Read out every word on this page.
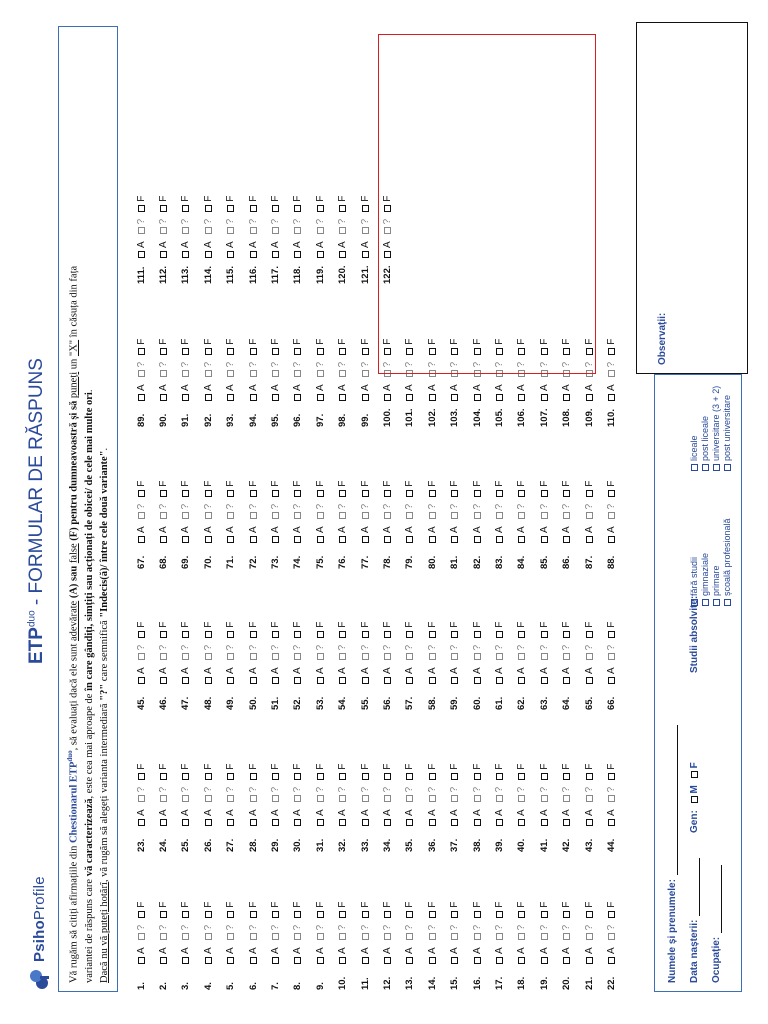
PsihoProfile
$ETP^{duo}$ - FORMULAR DE RĂSPUNS
Vă rugăm să citiți afirmațiile din Chestionarul $ETP^{duo}$, să evaluați dacă ele sunt adevărate (A) sau false (F) pentru dumneavoastră și să puneți un "X" în căsuța din fața
variantei de răspuns care vă caracterizează, este cea mai aproape de în care gândiți, simțiți sau acționați de obicei/ de cele mai multe ori.
Dacă nu vă puteți hotărî, vă rugăm să alegeți varianta intermediară "?" care semnifică "Indecis(ă)/ între cele două variante".
1.
A
?
F
2.
A
?
F
3.
A
?
F
4.
A
?
F
5.
A
?
F
6.
A
?
F
7.
A
?
F
8.
A
?
F
9.
A
?
F
10.
A
?
F
11.
A
?
F
12.
A
?
F
13.
A
?
F
14.
A
?
F
15.
A
?
F
16.
A
?
F
17.
A
?
F
18.
A
?
F
19.
A
?
F
20.
A
?
F
21.
A
?
F
22.
A
?
F
23.
A
?
F
24.
A
?
F
25.
A
?
F
26.
A
?
F
27.
A
?
F
28.
A
?
F
29.
A
?
F
30.
A
?
F
31.
A
?
F
32.
A
?
F
33.
A
?
F
34.
A
?
F
35.
A
?
F
36.
A
?
F
37.
A
?
F
38.
A
?
F
39.
A
?
F
40.
A
?
F
41.
A
?
F
42.
A
?
F
43.
A
?
F
44.
A
?
F
45.
A
?
F
46.
A
?
F
47.
A
?
F
48.
A
?
F
49.
A
?
F
50.
A
?
F
51.
A
?
F
52.
A
?
F
53.
A
?
F
54.
A
?
F
55.
A
?
F
56.
A
?
F
57.
A
?
F
58.
A
?
F
59.
A
?
F
60.
A
?
F
61.
A
?
F
62.
A
?
F
63.
A
?
F
64.
A
?
F
65.
A
?
F
66.
A
?
F
67.
A
?
F
68.
A
?
F
69.
A
?
F
70.
A
?
F
71.
A
?
F
72.
A
?
F
73.
A
?
F
74.
A
?
F
75.
A
?
F
76.
A
?
F
77.
A
?
F
78.
A
?
F
79.
A
?
F
80.
A
?
F
81.
A
?
F
82.
A
?
F
83.
A
?
F
84.
A
?
F
85.
A
?
F
86.
A
?
F
87.
A
?
F
88.
A
?
F
89.
A
?
F
90.
A
?
F
91.
A
?
F
92.
A
?
F
93.
A
?
F
94.
A
?
F
95.
A
?
F
96.
A
?
F
97.
A
?
F
98.
A
?
F
99.
A
?
F
100.
A
?
F
101.
A
?
F
102.
A
?
F
103.
A
?
F
104.
A
?
F
105.
A
?
F
106.
A
?
F
107.
A
?
F
108.
A
?
F
109.
A
?
F
110.
A
?
F
111.
A
?
F
112.
A
?
F
113.
A
?
F
114.
A
?
F
115.
A
?
F
116.
A
?
F
117.
A
?
F
118.
A
?
F
119.
A
?
F
120.
A
?
F
121.
A
?
F
122.
A
?
F
Numele și prenumele: Data nașterii: Ocupație:
Gen: M F
Studii absolvite:
fără studii gimnaziale primare școală profesională
liceale post liceale universitare (3 + 2) post universitare
Observații:
